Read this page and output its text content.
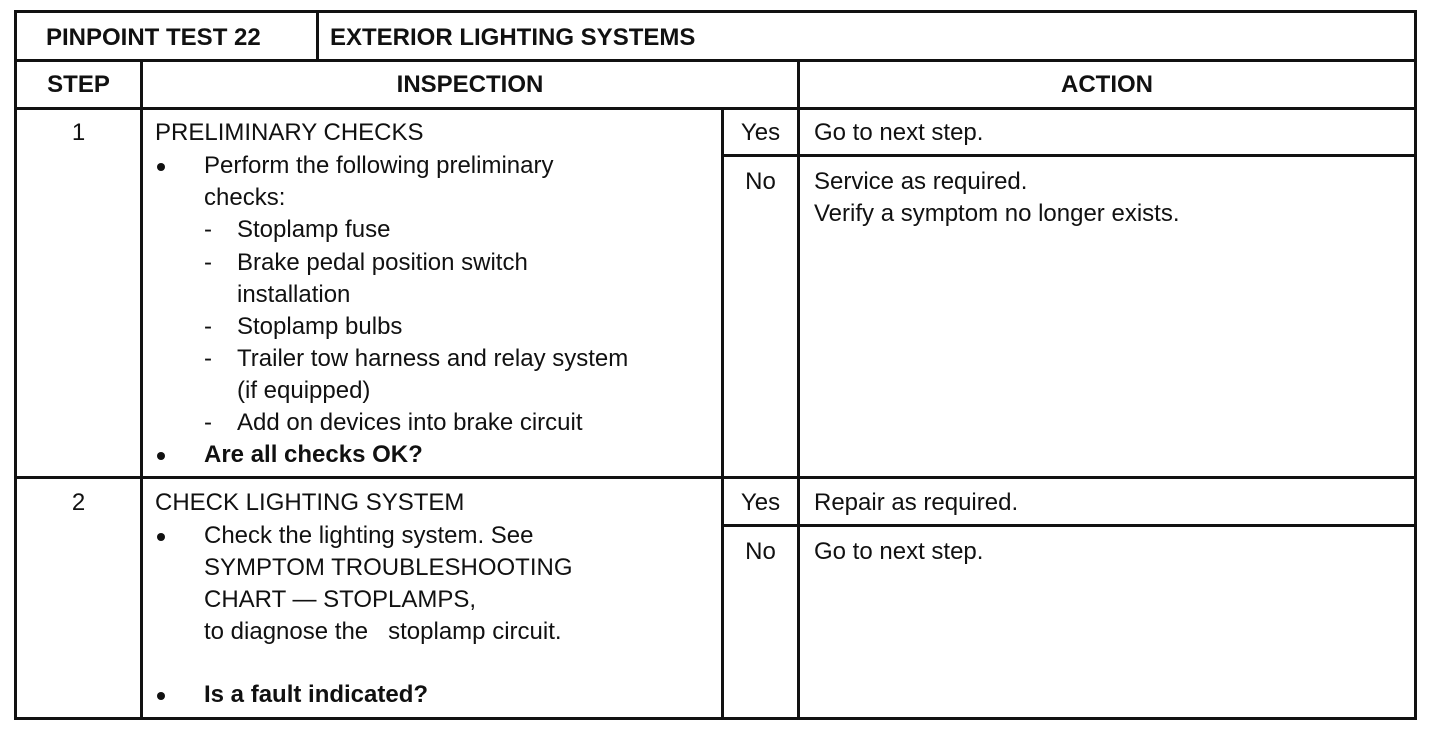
PINPOINT TEST 22	EXTERIOR LIGHTING SYSTEMS
STEP	INSPECTION	ACTION
1	PRELIMINARY CHECKS
Perform the following preliminary
checks:
- Stoplamp fuse
- Brake pedal position switch
installation
- Stoplamp bulbs
- Trailer tow harness and relay system
(if equipped)
- Add on devices into brake circuit
Are all checks OK?
Yes	Go to next step.
No	Service as required.
Verify a symptom no longer exists.
2	CHECK LIGHTING SYSTEM
Check the lighting system. See
SYMPTOM TROUBLESHOOTING
CHART — STOPLAMPS,
to diagnose the   stoplamp circuit.
Is a fault indicated?
Yes	Repair as required.
No	Go to next step.
